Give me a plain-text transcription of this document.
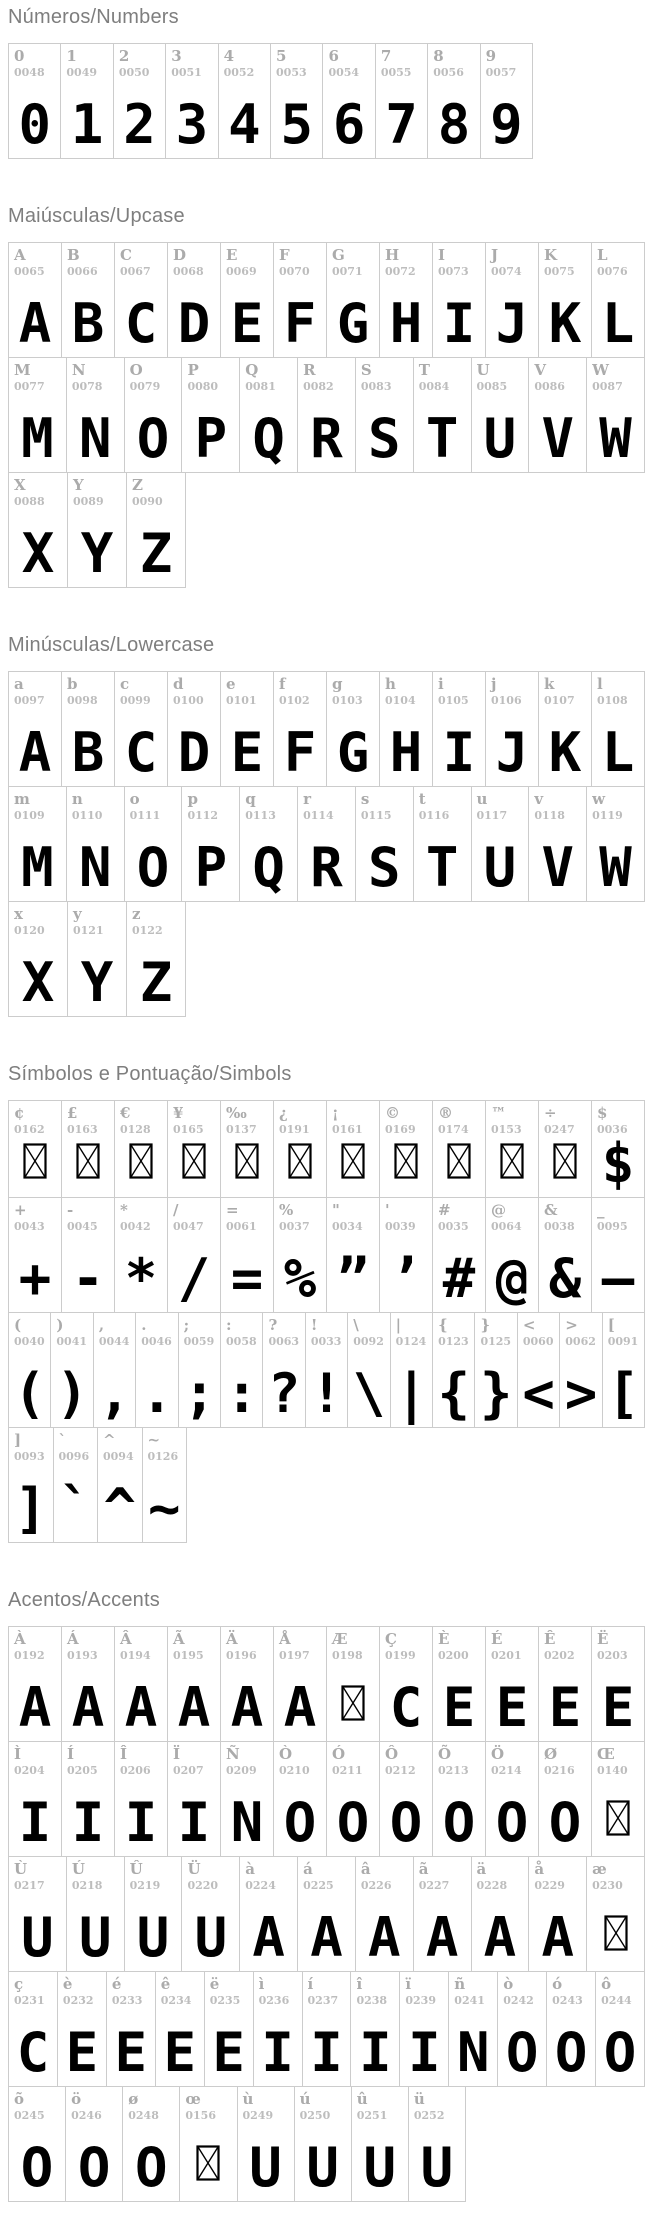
Números/Numbers
0
0048
0
1
0049
1
2
0050
2
3
0051
3
4
0052
4
5
0053
5
6
0054
6
7
0055
7
8
0056
8
9
0057
9
Maiúsculas/Upcase
A
0065
A
B
0066
B
C
0067
C
D
0068
D
E
0069
E
F
0070
F
G
0071
G
H
0072
H
I
0073
I
J
0074
J
K
0075
K
L
0076
L
M
0077
M
N
0078
N
O
0079
O
P
0080
P
Q
0081
Q
R
0082
R
S
0083
S
T
0084
T
U
0085
U
V
0086
V
W
0087
W
X
0088
X
Y
0089
Y
Z
0090
Z
Minúsculas/Lowercase
a
0097
A
b
0098
B
c
0099
C
d
0100
D
e
0101
E
f
0102
F
g
0103
G
h
0104
H
i
0105
I
j
0106
J
k
0107
K
l
0108
L
m
0109
M
n
0110
N
o
0111
O
p
0112
P
q
0113
Q
r
0114
R
s
0115
S
t
0116
T
u
0117
U
v
0118
V
w
0119
W
x
0120
X
y
0121
Y
z
0122
Z
Símbolos e Pontuação/Simbols
¢
0162
£
0163
€
0128
¥
0165
‰
0137
¿
0191
¡
0161
©
0169
®
0174
™
0153
÷
0247
$
0036
$
+
0043
+
-
0045
-
*
0042
*
/
0047
/
=
0061
=
%
0037
%
"
0034
”
'
0039
’
#
0035
#
@
0064
@
&
0038
&
_
0095
—
(
0040
(
)
0041
)
,
0044
,
.
0046
.
;
0059
;
:
0058
:
?
0063
?
!
0033
!
\
0092
\
|
0124
|
{
0123
{
}
0125
}
<
0060
<
>
0062
>
[
0091
[
]
0093
]
`
0096
`
^
0094
^
~
0126
~
Acentos/Accents
À
0192
A
Á
0193
A
Â
0194
A
Ã
0195
A
Ä
0196
A
Å
0197
A
Æ
0198
Ç
0199
C
È
0200
E
É
0201
E
Ê
0202
E
Ë
0203
E
Ì
0204
I
Í
0205
I
Î
0206
I
Ï
0207
I
Ñ
0209
N
Ò
0210
O
Ó
0211
O
Ô
0212
O
Õ
0213
O
Ö
0214
O
Ø
0216
O
Œ
0140
Ù
0217
U
Ú
0218
U
Û
0219
U
Ü
0220
U
à
0224
A
á
0225
A
â
0226
A
ã
0227
A
ä
0228
A
å
0229
A
æ
0230
ç
0231
C
è
0232
E
é
0233
E
ê
0234
E
ë
0235
E
ì
0236
I
í
0237
I
î
0238
I
ï
0239
I
ñ
0241
N
ò
0242
O
ó
0243
O
ô
0244
O
õ
0245
O
ö
0246
O
ø
0248
O
œ
0156
ù
0249
U
ú
0250
U
û
0251
U
ü
0252
U
